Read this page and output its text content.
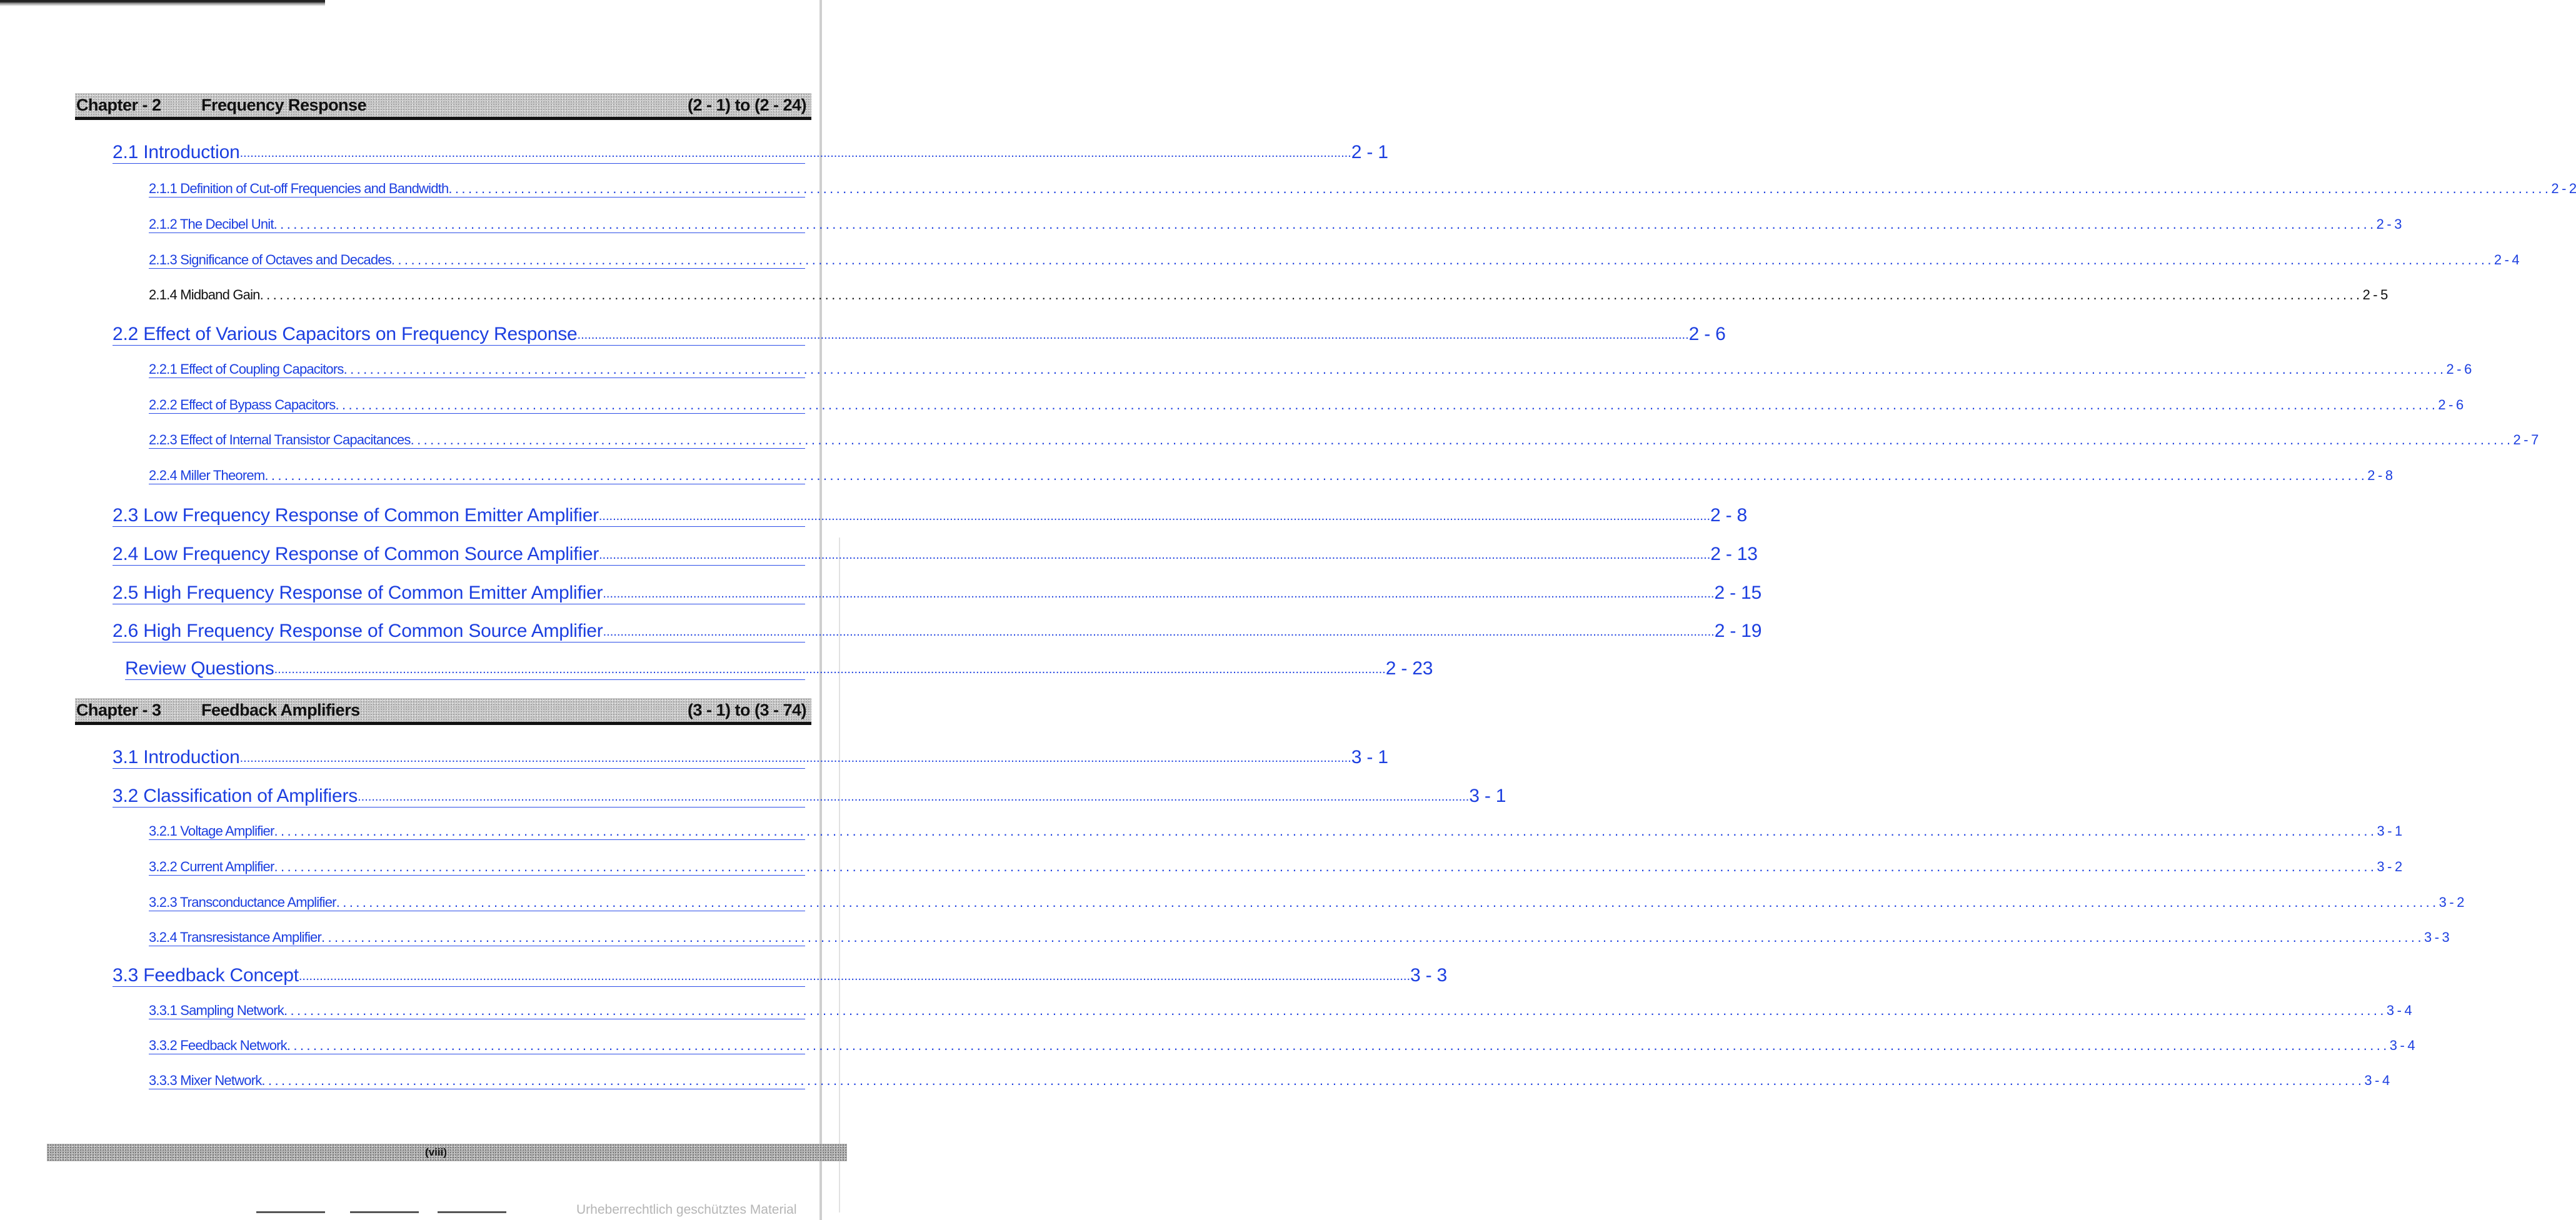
Chapter - 2 Frequency Response	(2 - 1) to (2 - 24)
2.1 Introduction ................................................................................................................................................................................................................................................................................................................................ 2 - 1
2.1.1 Definition of Cut-off Frequencies and Bandwidth ................................................................................................................................................................................................................................................................................................................................ 2 - 2
2.1.2 The Decibel Unit ................................................................................................................................................................................................................................................................................................................................ 2 - 3
2.1.3 Significance of Octaves and Decades ................................................................................................................................................................................................................................................................................................................................ 2 - 4
2.1.4 Midband Gain ................................................................................................................................................................................................................................................................................................................................ 2 - 5
2.2 Effect of Various Capacitors on Frequency Response ................................................................................................................................................................................................................................................................................................................................ 2 - 6
2.2.1 Effect of Coupling Capacitors ................................................................................................................................................................................................................................................................................................................................ 2 - 6
2.2.2 Effect of Bypass Capacitors ................................................................................................................................................................................................................................................................................................................................ 2 - 6
2.2.3 Effect of Internal Transistor Capacitances ................................................................................................................................................................................................................................................................................................................................ 2 - 7
2.2.4 Miller Theorem ................................................................................................................................................................................................................................................................................................................................ 2 - 8
2.3 Low Frequency Response of Common Emitter Amplifier ................................................................................................................................................................................................................................................................................................................................ 2 - 8
2.4 Low Frequency Response of Common Source Amplifier ................................................................................................................................................................................................................................................................................................................................ 2 - 13
2.5 High Frequency Response of Common Emitter Amplifier ................................................................................................................................................................................................................................................................................................................................ 2 - 15
2.6 High Frequency Response of Common Source Amplifier ................................................................................................................................................................................................................................................................................................................................ 2 - 19
Review Questions ................................................................................................................................................................................................................................................................................................................................ 2 - 23
Chapter - 3 Feedback Amplifiers	(3 - 1) to (3 - 74)
3.1 Introduction ................................................................................................................................................................................................................................................................................................................................ 3 - 1
3.2 Classification of Amplifiers ................................................................................................................................................................................................................................................................................................................................ 3 - 1
3.2.1 Voltage Amplifier ................................................................................................................................................................................................................................................................................................................................ 3 - 1
3.2.2 Current Amplifier ................................................................................................................................................................................................................................................................................................................................ 3 - 2
3.2.3 Transconductance Amplifier ................................................................................................................................................................................................................................................................................................................................ 3 - 2
3.2.4 Transresistance Amplifier ................................................................................................................................................................................................................................................................................................................................ 3 - 3
3.3 Feedback Concept ................................................................................................................................................................................................................................................................................................................................ 3 - 3
3.3.1 Sampling Network ................................................................................................................................................................................................................................................................................................................................ 3 - 4
3.3.2 Feedback Network ................................................................................................................................................................................................................................................................................................................................ 3 - 4
3.3.3 Mixer Network ................................................................................................................................................................................................................................................................................................................................ 3 - 4
(viii)
Urheberrechtlich geschütztes Material
